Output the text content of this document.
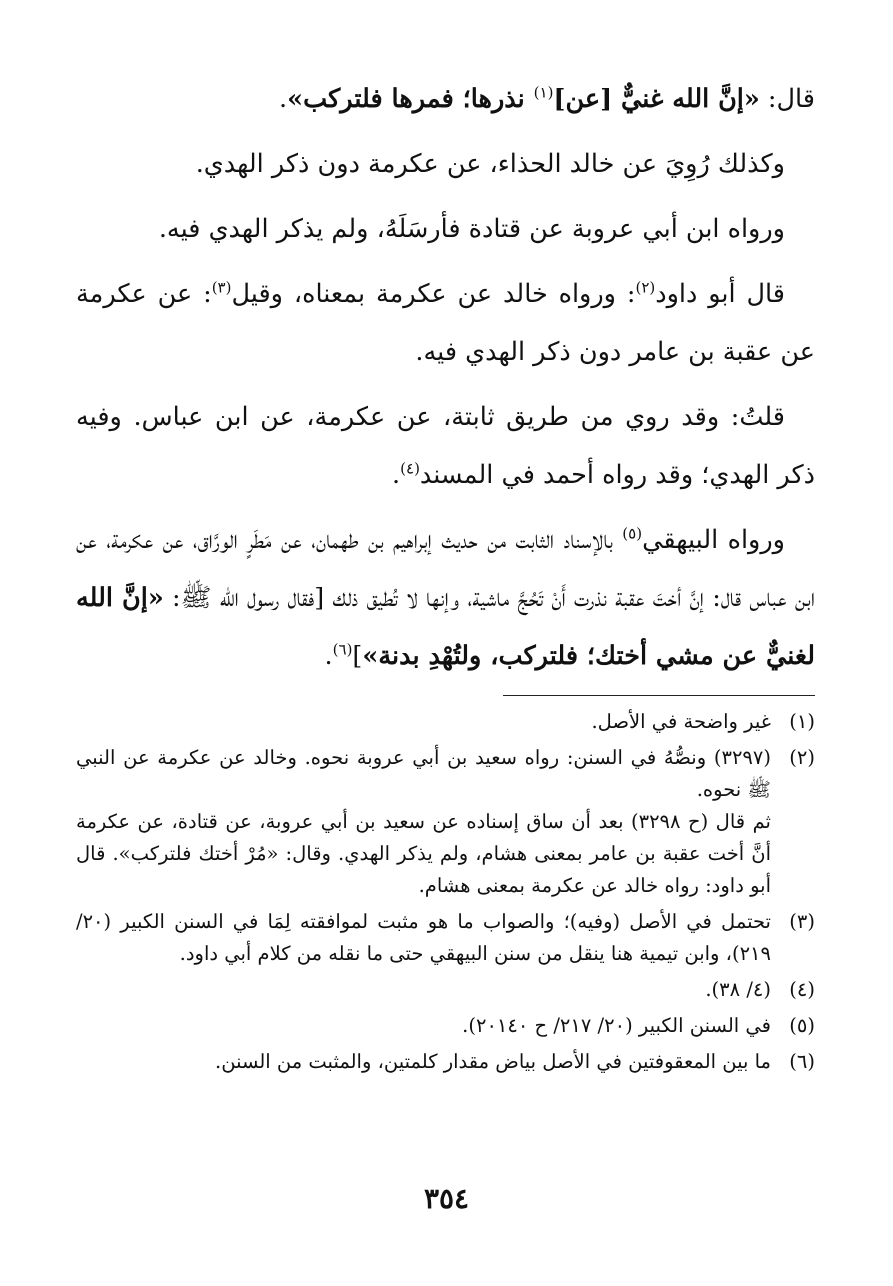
قال: «إنَّ الله غنيٌّ [عن]$^{(١)}$ نذرها؛ فمرها فلتركب».

وكذلك رُوِيَ عن خالد الحذاء، عن عكرمة دون ذكر الهدي.

ورواه ابن أبي عروبة عن قتادة فأرسَلَهُ، ولم يذكر الهدي فيه.

قال أبو داود$^{(٢)}$: ورواه خالد عن عكرمة بمعناه، وقيل$^{(٣)}$: عن عكرمة عن عقبة بن عامر دون ذكر الهدي فيه.

قلتُ: وقد روي من طريق ثابتة، عن عكرمة، عن ابن عباس. وفيه ذكر الهدي؛ وقد رواه أحمد في المسند$^{(٤)}$.

ورواه البيهقي$^{(٥)}$ بالإسناد الثابت من حديث إبراهيم بن طهمان، عن مَطَرٍ الورَّاق، عن عكرمة، عن ابن عباس قال: إنَّ أختَ عقبة نذرت أَنْ تَحُجَّ ماشية، وإنها لا تُطيق ذلك [فقال رسول الله ﷺ: «إنَّ الله لغنيٌّ عن مشي أختك؛ فلتركب، ولتُهْدِ بدنة»]$^{(٦)}$.

(١)

غير واضحة في الأصل.

(٢)

(٣٢٩٧) ونصُّهُ في السنن: رواه سعيد بن أبي عروبة نحوه. وخالد عن عكرمة عن النبي ﷺ نحوه.

ثم قال (ح ٣٢٩٨) بعد أن ساق إسناده عن سعيد بن أبي عروبة، عن قتادة، عن عكرمة أنَّ أخت عقبة بن عامر بمعنى هشام، ولم يذكر الهدي. وقال: «مُرْ أختك فلتركب». قال أبو داود: رواه خالد عن عكرمة بمعنى هشام.

(٣)

تحتمل في الأصل (وفيه)؛ والصواب ما هو مثبت لموافقته لِمَا في السنن الكبير (٢٠/ ٢١٩)، وابن تيمية هنا ينقل من سنن البيهقي حتى ما نقله من كلام أبي داود.

(٤)

(٤/ ٣٨).

(٥)

في السنن الكبير (٢٠/ ٢١٧/ ح ٢٠١٤٠).

(٦)

ما بين المعقوفتين في الأصل بياض مقدار كلمتين، والمثبت من السنن.

٣٥٤
